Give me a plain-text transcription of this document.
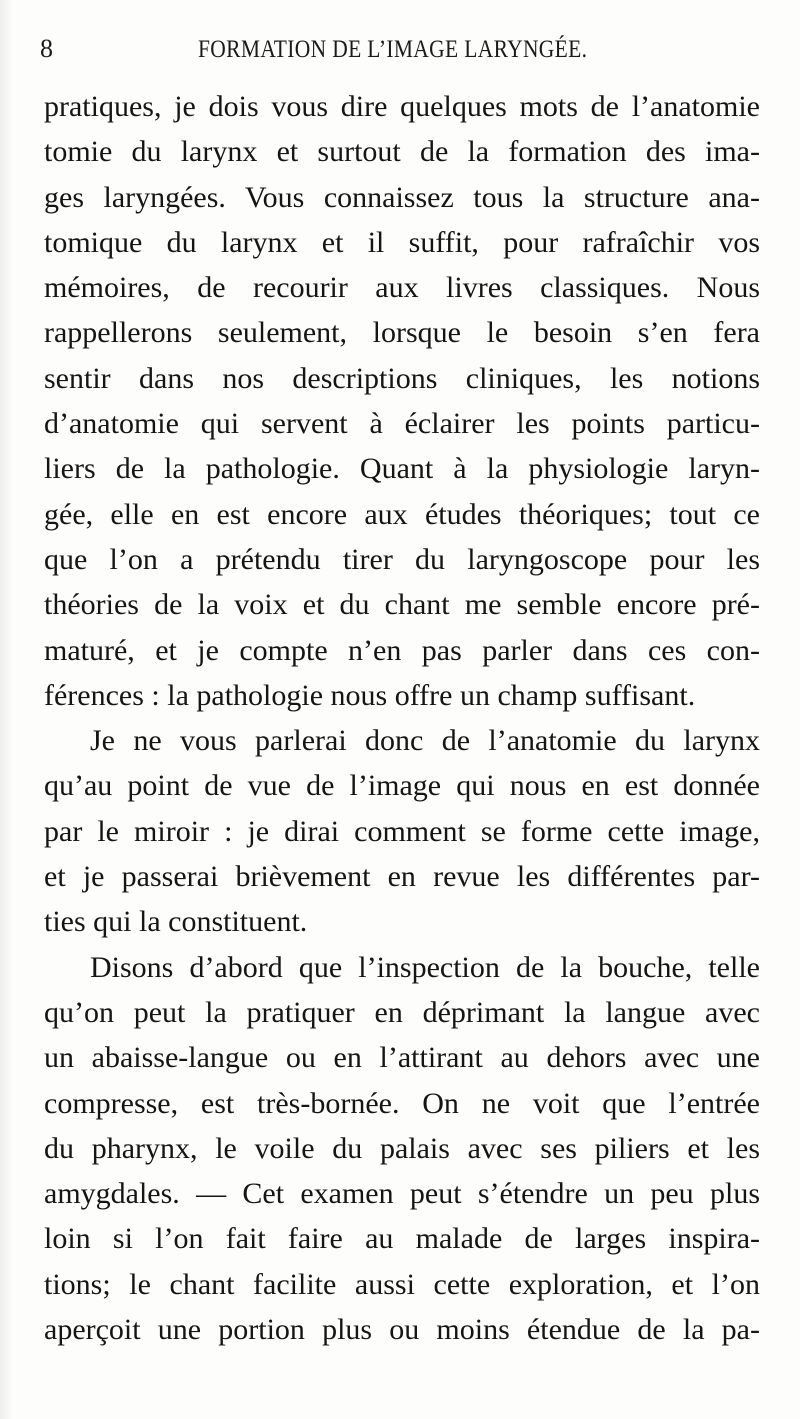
8	FORMATION DE L’IMAGE LARYNGÉE.
pratiques, je dois vous dire quelques mots de l’anatomie
tomie du larynx et surtout de la formation des ima-
ges laryngées. Vous connaissez tous la structure ana-
tomique du larynx et il suffit, pour rafraîchir vos
mémoires, de recourir aux livres classiques. Nous
rappellerons seulement, lorsque le besoin s’en fera
sentir dans nos descriptions cliniques, les notions
d’anatomie qui servent à éclairer les points particu-
liers de la pathologie. Quant à la physiologie laryn-
gée, elle en est encore aux études théoriques; tout ce
que l’on a prétendu tirer du laryngoscope pour les
théories de la voix et du chant me semble encore pré-
maturé, et je compte n’en pas parler dans ces con-
férences : la pathologie nous offre un champ suffisant.
Je ne vous parlerai donc de l’anatomie du larynx
qu’au point de vue de l’image qui nous en est donnée
par le miroir : je dirai comment se forme cette image,
et je passerai brièvement en revue les différentes par-
ties qui la constituent.
Disons d’abord que l’inspection de la bouche, telle
qu’on peut la pratiquer en déprimant la langue avec
un abaisse-langue ou en l’attirant au dehors avec une
compresse, est très-bornée. On ne voit que l’entrée
du pharynx, le voile du palais avec ses piliers et les
amygdales. — Cet examen peut s’étendre un peu plus
loin si l’on fait faire au malade de larges inspira-
tions; le chant facilite aussi cette exploration, et l’on
aperçoit une portion plus ou moins étendue de la pa-
